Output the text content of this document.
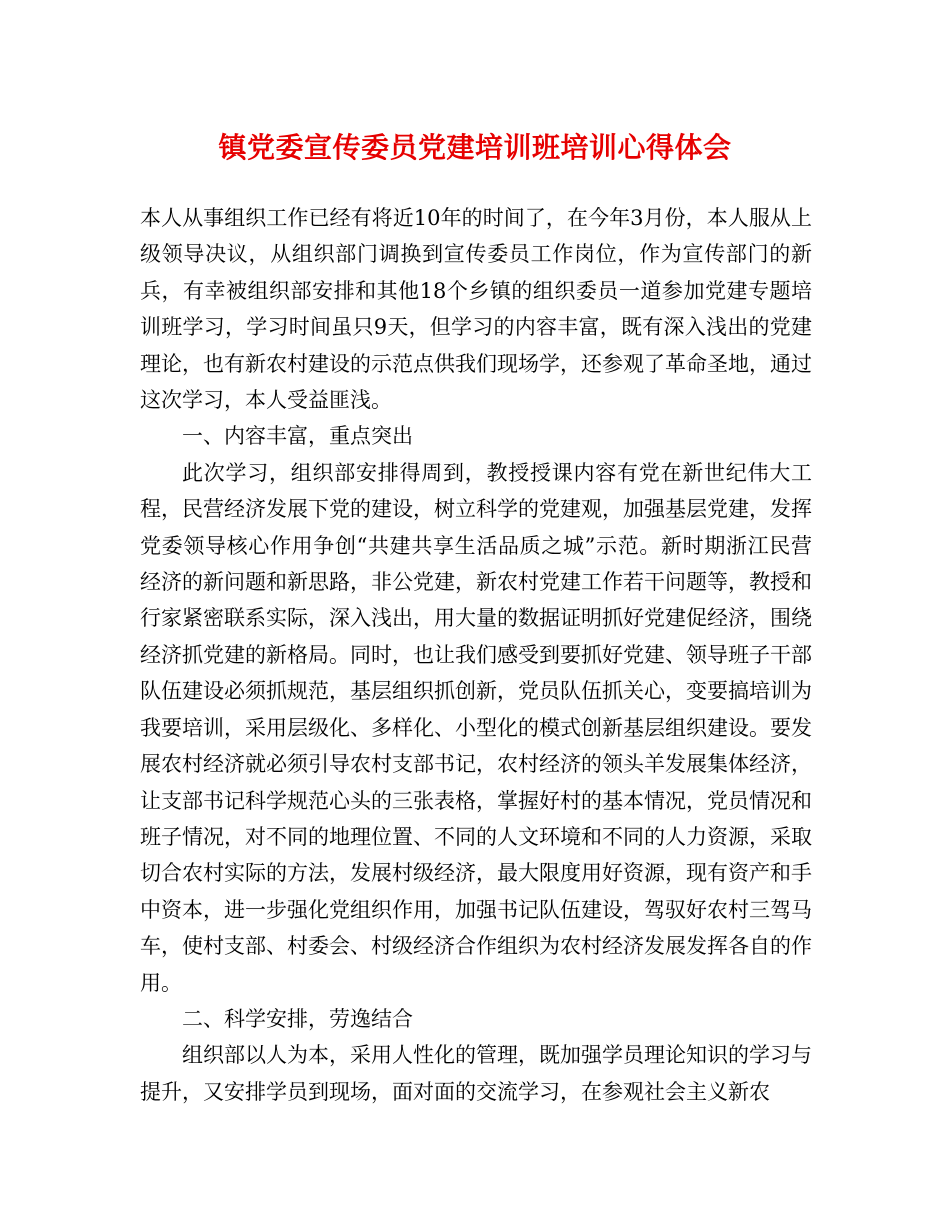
镇党委宣传委员党建培训班培训心得体会

本人从事组织工作已经有将近10年的时间了，在今年3月份，本人服从上级领导决议，从组织部门调换到宣传委员工作岗位，作为宣传部门的新兵，有幸被组织部安排和其他18个乡镇的组织委员一道参加党建专题培训班学习，学习时间虽只9天，但学习的内容丰富，既有深入浅出的党建理论，也有新农村建设的示范点供我们现场学，还参观了革命圣地，通过这次学习，本人受益匪浅。

一、内容丰富，重点突出

此次学习，组织部安排得周到，教授授课内容有党在新世纪伟大工程，民营经济发展下党的建设，树立科学的党建观，加强基层党建，发挥党委领导核心作用争创“共建共享生活品质之城”示范。新时期浙江民营经济的新问题和新思路，非公党建，新农村党建工作若干问题等，教授和行家紧密联系实际，深入浅出，用大量的数据证明抓好党建促经济，围绕经济抓党建的新格局。同时，也让我们感受到要抓好党建、领导班子干部队伍建设必须抓规范，基层组织抓创新，党员队伍抓关心，变要搞培训为我要培训，采用层级化、多样化、小型化的模式创新基层组织建设。要发展农村经济就必须引导农村支部书记，农村经济的领头羊发展集体经济，让支部书记科学规范心头的三张表格，掌握好村的基本情况，党员情况和班子情况，对不同的地理位置、不同的人文环境和不同的人力资源，采取切合农村实际的方法，发展村级经济，最大限度用好资源，现有资产和手中资本，进一步强化党组织作用，加强书记队伍建设，驾驭好农村三驾马车，使村支部、村委会、村级经济合作组织为农村经济发展发挥各自的作用。

二、科学安排，劳逸结合

组织部以人为本，采用人性化的管理，既加强学员理论知识的学习与提升，又安排学员到现场，面对面的交流学习，在参观社会主义新农
